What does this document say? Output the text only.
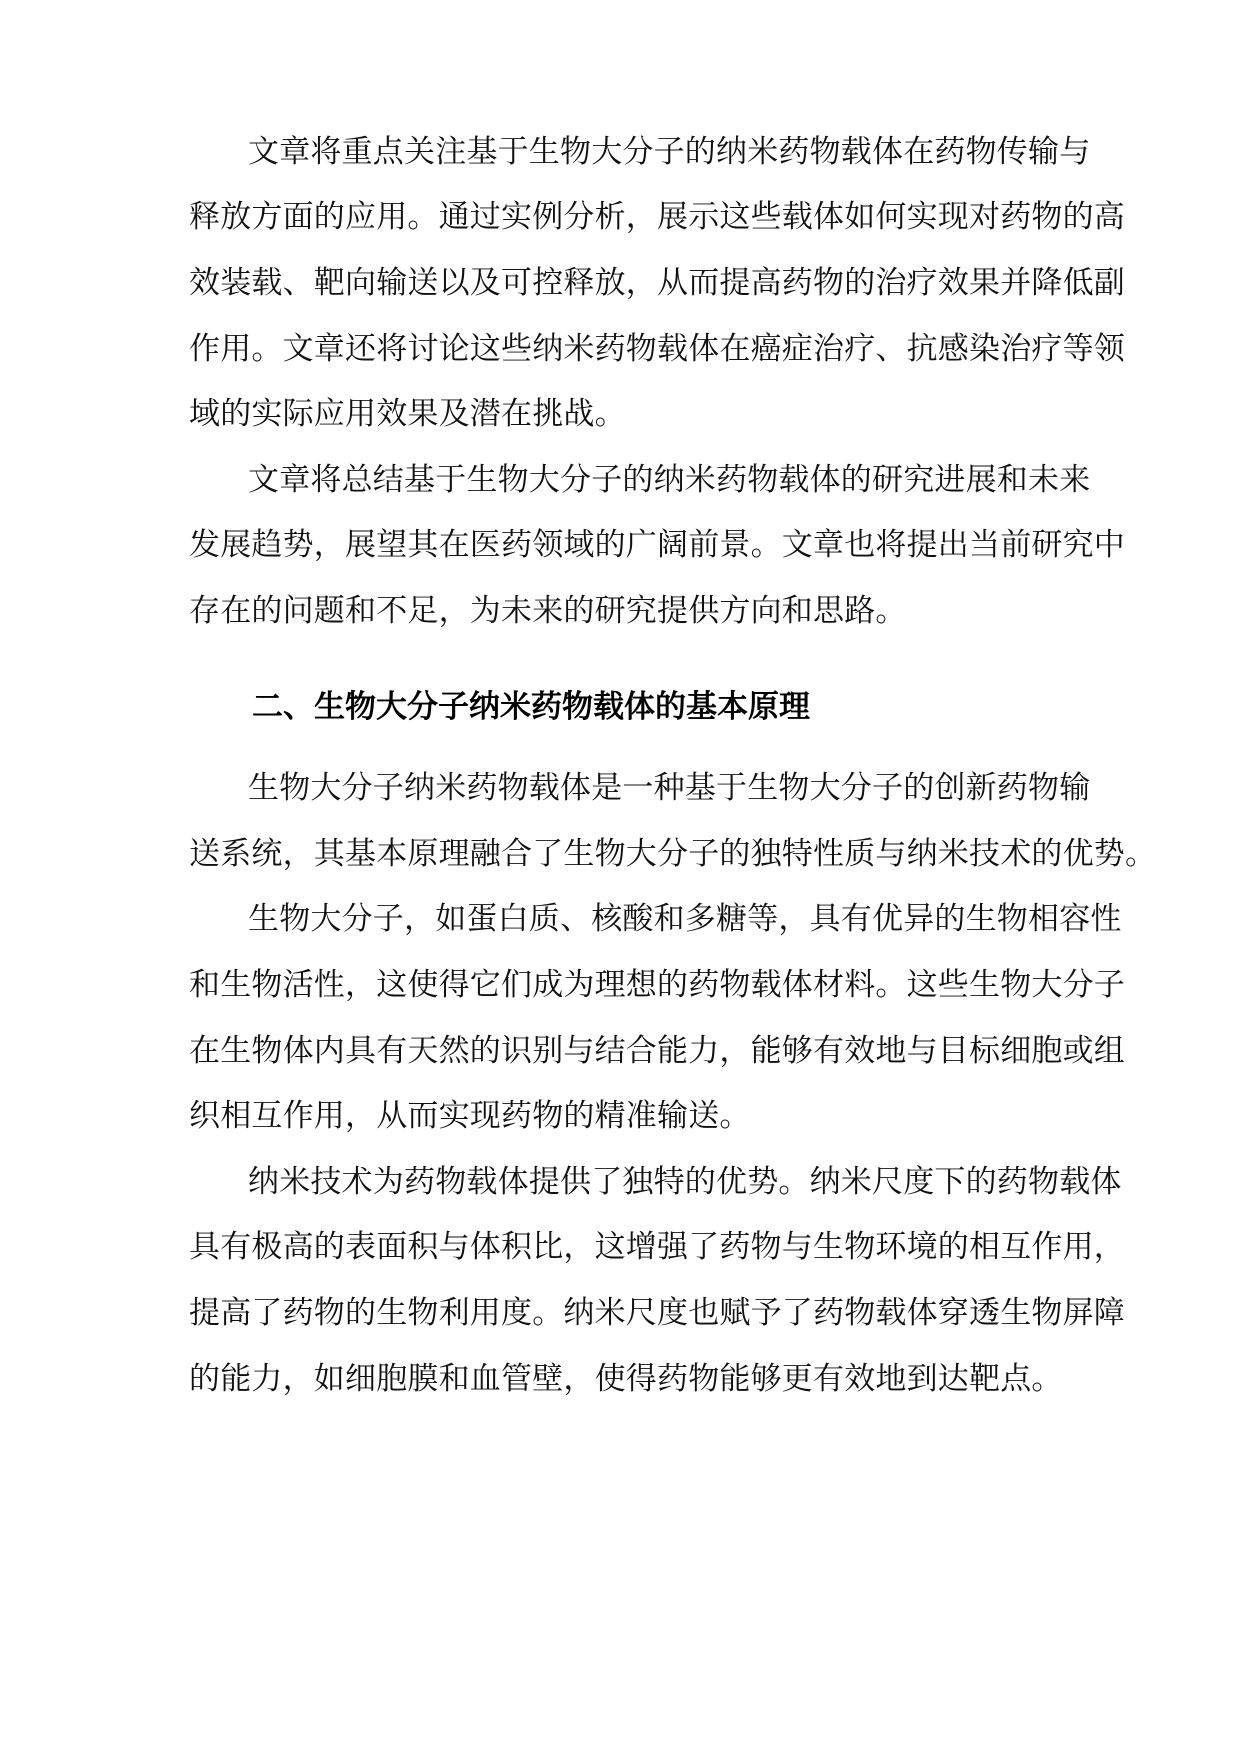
文章将重点关注基于生物大分子的纳米药物载体在药物传输与
释放方面的应用。通过实例分析，展示这些载体如何实现对药物的高
效装载、靶向输送以及可控释放，从而提高药物的治疗效果并降低副
作用。文章还将讨论这些纳米药物载体在癌症治疗、抗感染治疗等领
域的实际应用效果及潜在挑战。
文章将总结基于生物大分子的纳米药物载体的研究进展和未来
发展趋势，展望其在医药领域的广阔前景。文章也将提出当前研究中
存在的问题和不足，为未来的研究提供方向和思路。
二、生物大分子纳米药物载体的基本原理
生物大分子纳米药物载体是一种基于生物大分子的创新药物输
送系统，其基本原理融合了生物大分子的独特性质与纳米技术的优势。
生物大分子，如蛋白质、核酸和多糖等，具有优异的生物相容性
和生物活性，这使得它们成为理想的药物载体材料。这些生物大分子
在生物体内具有天然的识别与结合能力，能够有效地与目标细胞或组
织相互作用，从而实现药物的精准输送。
纳米技术为药物载体提供了独特的优势。纳米尺度下的药物载体
具有极高的表面积与体积比，这增强了药物与生物环境的相互作用，
提高了药物的生物利用度。纳米尺度也赋予了药物载体穿透生物屏障
的能力，如细胞膜和血管壁，使得药物能够更有效地到达靶点。
